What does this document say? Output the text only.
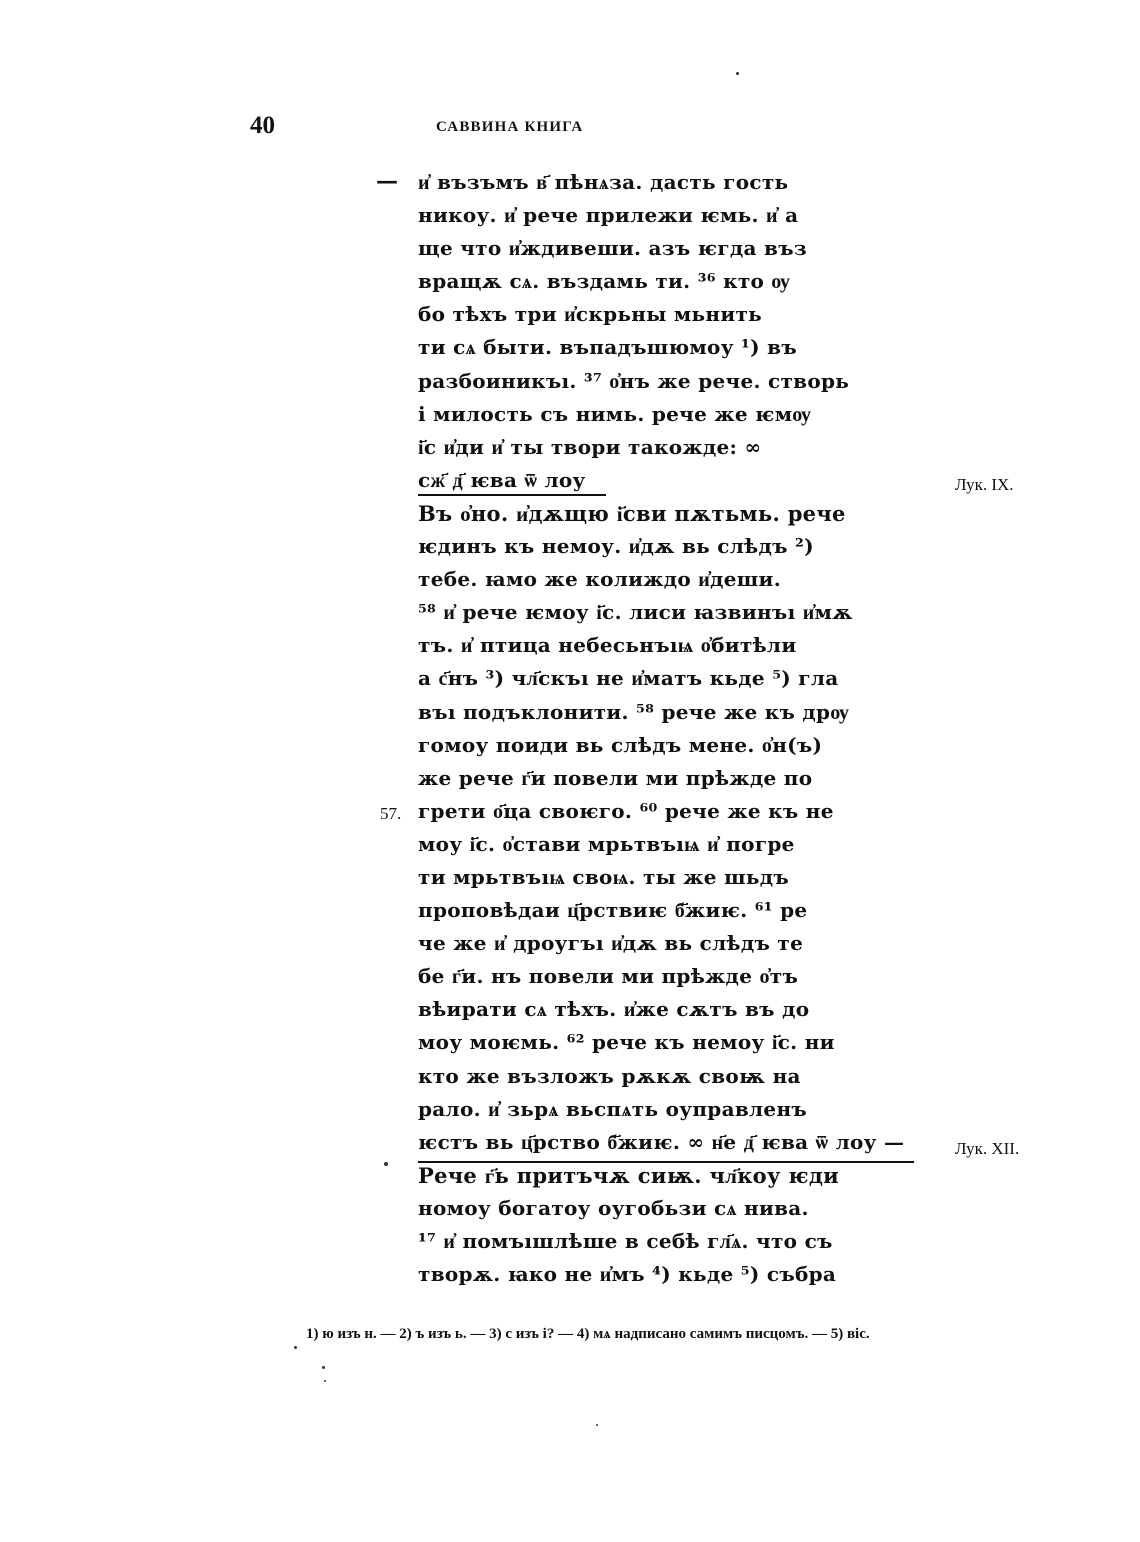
40	САВВИНА КНИГА
— и҆ възъмъ в҃ пѣнѧза. дасть гость
никоу. и҆ рече прилежи ѥмь. и҆ а
ще что и҆ждивеши. азъ ѥгда въз
вращѫ сѧ. въздамь ти. ³⁶ кто ѹ
бо тѣхъ три и҆скрьны мьнить
ти сѧ быти. въпадъшюмоу ¹) въ
разбоиникъı. ³⁷ о҆нъ же рече. створь
і милость съ нимь. рече же ѥмѹ
і҃с и҆ди и҆ ты твори такожде: ∞
сж҃ д҃ ѥва ѿ лоу
Въ о҆но. и҆дѫщю і҃сви пѫтьмь. рече
ѥдинъ къ немоу. и҆дѫ вь слѣдъ ²)
тебе. ꙗмо же колиждо и҆деши.
⁵⁸ и҆ рече ѥмоу і҃с. лиси ꙗзвинъı и҆мѫ
тъ. и҆ птица небесьнъıѩ о҆битѣли
а с҃нъ ³) чл҃скъı не и҆матъ кьде ⁵) гла
въı подъклонити. ⁵⁸ рече же къ дрѹ
гомоу поиди вь слѣдъ мене. о҆н(ъ)
же рече г҃и повели ми прѣжде по
грети о҃ца своѥго. ⁶⁰ рече же къ не
моу і҃с. о҆стави мрьтвъıѩ и҆ погре
ти мрьтвъıѩ своѩ. ты же шьдъ
проповѣдаи ц҃рствиѥ б҃жиѥ. ⁶¹ ре
че же и҆ дроугъı и҆дѫ вь слѣдъ те
бе г҃и. нъ повели ми прѣжде о҆тъ
вѣирати сѧ тѣхъ. и҆же сѫтъ въ до
моу моѥмь. ⁶² рече къ немоу і҃с. ни
кто же възложъ рѫкѫ своѭ на
рало. и҆ зьрѧ вьспѧть оуправленъ
ѥстъ вь ц҃рство б҃жиѥ. ∞ н҃е д҃ ѥва ѿ лоу —
Рече г҃ь притъчѫ сиѭ. чл҃коу ѥди
номоу богатоу оугобьзи сѧ нива.
¹⁷ и҆ помъıшлѣше в себѣ гл҃ѧ. что съ
творѫ. ꙗко не и҆мъ ⁴) кьде ⁵) събра
57.
Лук. IX.
Лук. XII.
1) ю изъ н. — 2) ъ изъ ь. — 3) с изъ і? — 4) мѧ надписано самимъ писцомъ. — 5) віс.
